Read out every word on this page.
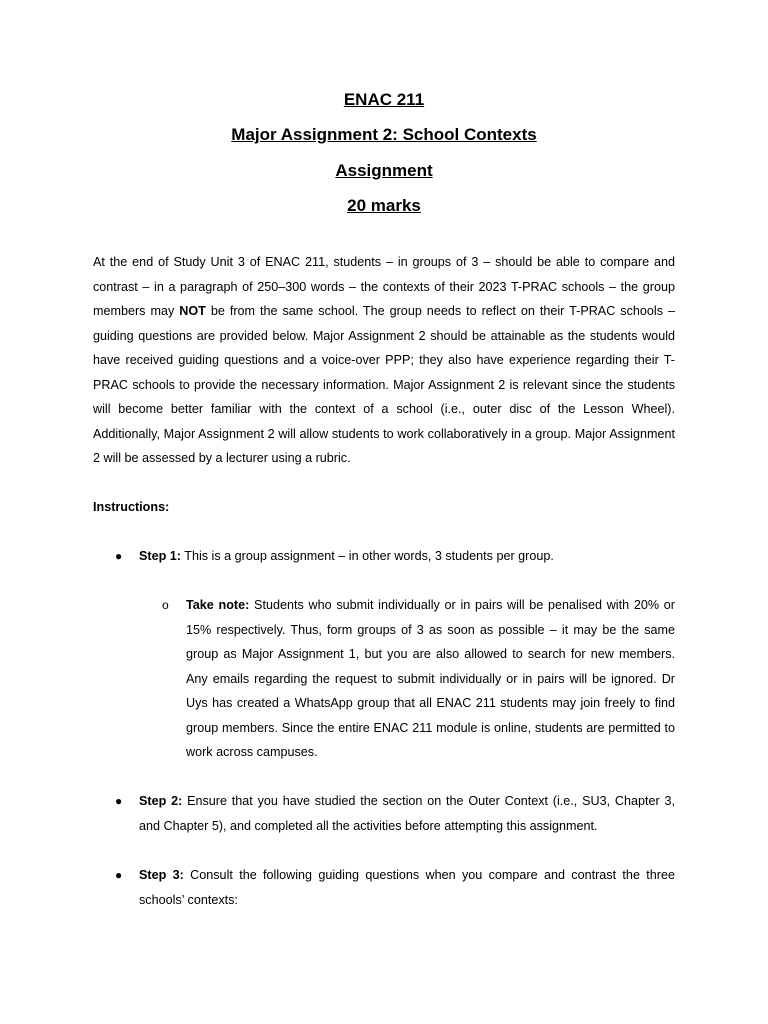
ENAC 211
Major Assignment 2: School Contexts
Assignment
20 marks
At the end of Study Unit 3 of ENAC 211, students – in groups of 3 – should be able to compare and contrast – in a paragraph of 250–300 words – the contexts of their 2023 T-PRAC schools – the group members may NOT be from the same school. The group needs to reflect on their T-PRAC schools – guiding questions are provided below. Major Assignment 2 should be attainable as the students would have received guiding questions and a voice-over PPP; they also have experience regarding their T-PRAC schools to provide the necessary information. Major Assignment 2 is relevant since the students will become better familiar with the context of a school (i.e., outer disc of the Lesson Wheel). Additionally, Major Assignment 2 will allow students to work collaboratively in a group. Major Assignment 2 will be assessed by a lecturer using a rubric.
Instructions:
● Step 1: This is a group assignment – in other words, 3 students per group.
o Take note: Students who submit individually or in pairs will be penalised with 20% or 15% respectively. Thus, form groups of 3 as soon as possible – it may be the same group as Major Assignment 1, but you are also allowed to search for new members. Any emails regarding the request to submit individually or in pairs will be ignored. Dr Uys has created a WhatsApp group that all ENAC 211 students may join freely to find group members. Since the entire ENAC 211 module is online, students are permitted to work across campuses.
● Step 2: Ensure that you have studied the section on the Outer Context (i.e., SU3, Chapter 3, and Chapter 5), and completed all the activities before attempting this assignment.
● Step 3: Consult the following guiding questions when you compare and contrast the three schools’ contexts:
